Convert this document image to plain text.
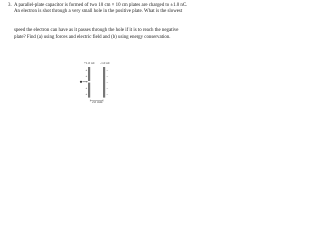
3. A parallel-plate capacitor is formed of two 10 cm × 10 cm plates are charged to ±1.0 nC.
An electron is shot through a very small hole in the positive plate. What is the slowest
speed the electron can have as it passes through the hole if it is to reach the negative
plate? Find (a) using forces and electric field and (b) using energy conservation.
+1.0 nC -1.0 nC
+
+
+
+
−
−
−
−
−
2.0 mm
